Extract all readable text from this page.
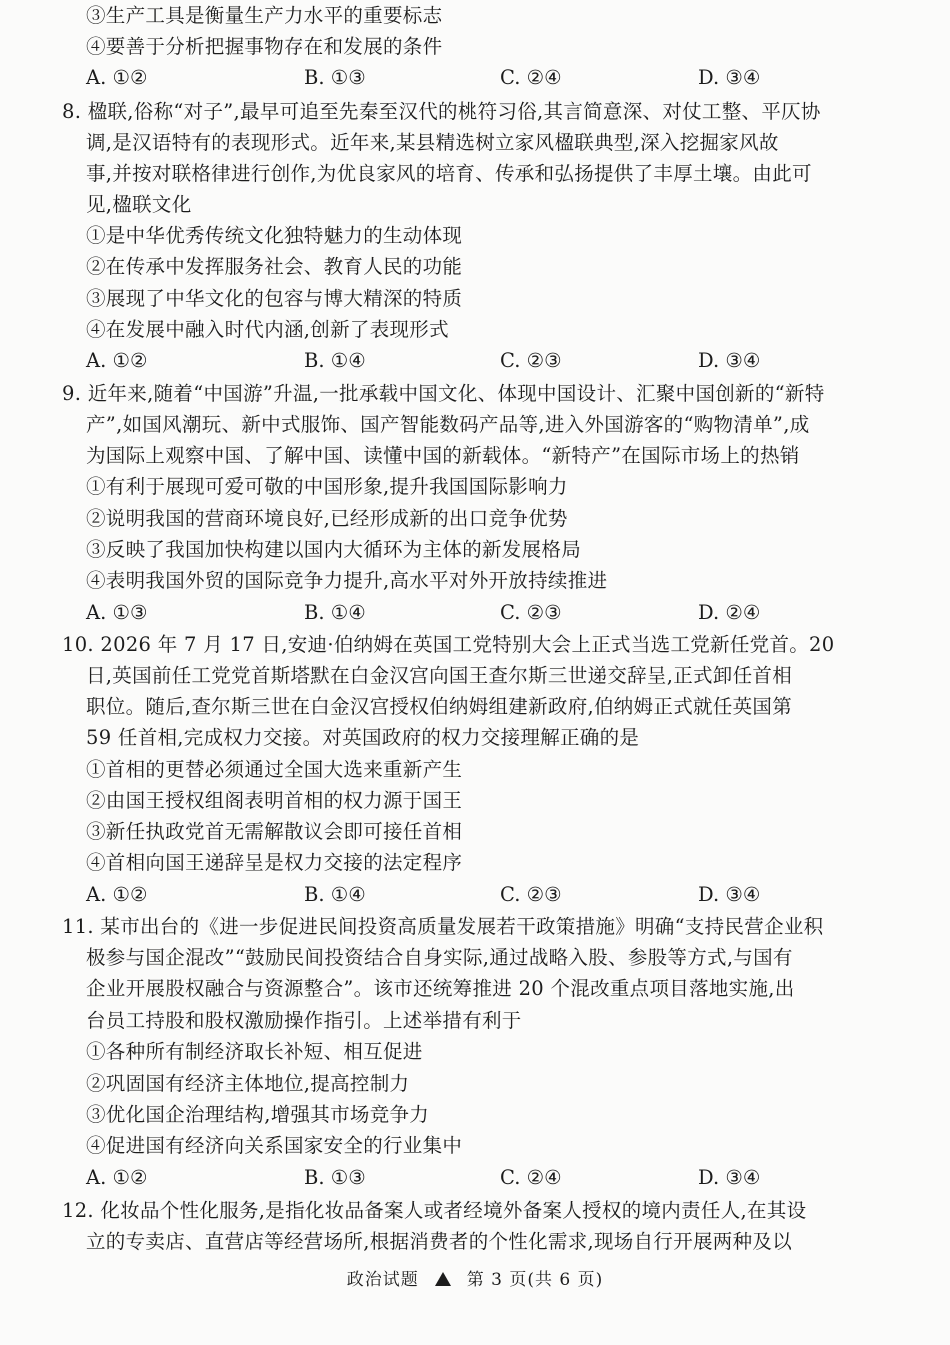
③生产工具是衡量生产力水平的重要标志
④要善于分析把握事物存在和发展的条件
A. ①②	B. ①③	C. ②④	D. ③④
8. 楹联,俗称“对子”,最早可追至先秦至汉代的桃符习俗,其言简意深、对仗工整、平仄协
调,是汉语特有的表现形式。近年来,某县精选树立家风楹联典型,深入挖掘家风故
事,并按对联格律进行创作,为优良家风的培育、传承和弘扬提供了丰厚土壤。由此可
见,楹联文化
①是中华优秀传统文化独特魅力的生动体现
②在传承中发挥服务社会、教育人民的功能
③展现了中华文化的包容与博大精深的特质
④在发展中融入时代内涵,创新了表现形式
A. ①②	B. ①④	C. ②③	D. ③④
9. 近年来,随着“中国游”升温,一批承载中国文化、体现中国设计、汇聚中国创新的“新特
产”,如国风潮玩、新中式服饰、国产智能数码产品等,进入外国游客的“购物清单”,成
为国际上观察中国、了解中国、读懂中国的新载体。“新特产”在国际市场上的热销
①有利于展现可爱可敬的中国形象,提升我国国际影响力
②说明我国的营商环境良好,已经形成新的出口竞争优势
③反映了我国加快构建以国内大循环为主体的新发展格局
④表明我国外贸的国际竞争力提升,高水平对外开放持续推进
A. ①③	B. ①④	C. ②③	D. ②④
10. 2026 年 7 月 17 日,安迪·伯纳姆在英国工党特别大会上正式当选工党新任党首。20
日,英国前任工党党首斯塔默在白金汉宫向国王查尔斯三世递交辞呈,正式卸任首相
职位。随后,查尔斯三世在白金汉宫授权伯纳姆组建新政府,伯纳姆正式就任英国第
59 任首相,完成权力交接。对英国政府的权力交接理解正确的是
①首相的更替必须通过全国大选来重新产生
②由国王授权组阁表明首相的权力源于国王
③新任执政党首无需解散议会即可接任首相
④首相向国王递辞呈是权力交接的法定程序
A. ①②	B. ①④	C. ②③	D. ③④
11. 某市出台的《进一步促进民间投资高质量发展若干政策措施》明确“支持民营企业积
极参与国企混改”“鼓励民间投资结合自身实际,通过战略入股、参股等方式,与国有
企业开展股权融合与资源整合”。该市还统筹推进 20 个混改重点项目落地实施,出
台员工持股和股权激励操作指引。上述举措有利于
①各种所有制经济取长补短、相互促进
②巩固国有经济主体地位,提高控制力
③优化国企治理结构,增强其市场竞争力
④促进国有经济向关系国家安全的行业集中
A. ①②	B. ①③	C. ②④	D. ③④
12. 化妆品个性化服务,是指化妆品备案人或者经境外备案人授权的境内责任人,在其设
立的专卖店、直营店等经营场所,根据消费者的个性化需求,现场自行开展两种及以
政治试题	第 3 页(共 6 页)
